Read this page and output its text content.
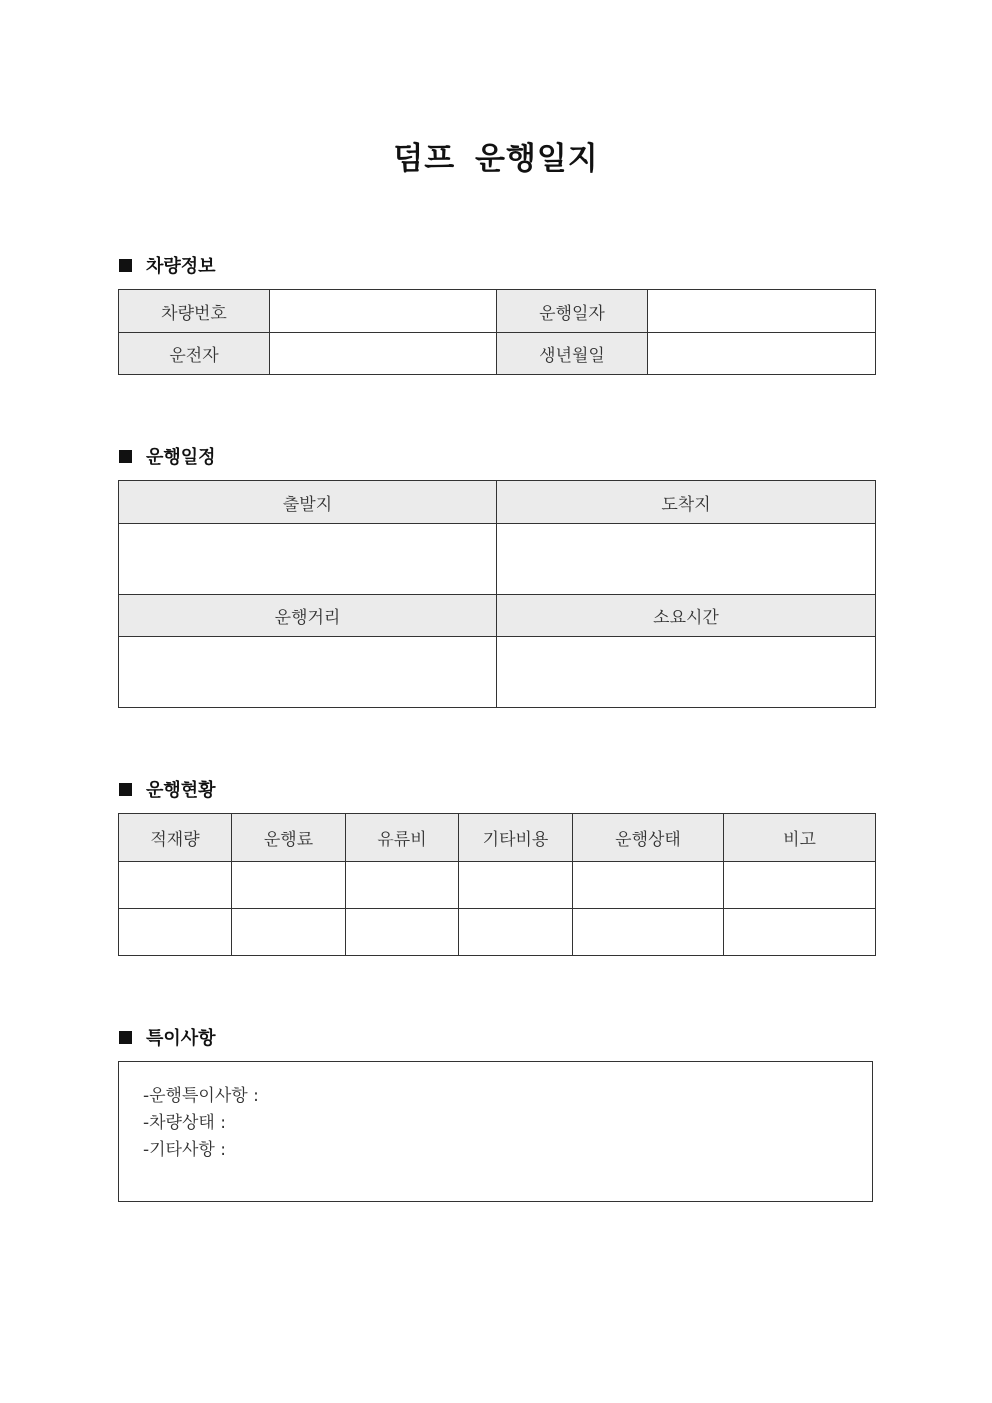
덤프 운행일지
차량정보
차량번호		운행일자	
운전자		생년월일	
운행일정
출발지	도착지

운행거리	소요시간

운행현황
적재량	운행료	유류비	기타비용	운행상태	비고

특이사항
-운행특이사항 :
-차량상태 :
-기타사항 :
